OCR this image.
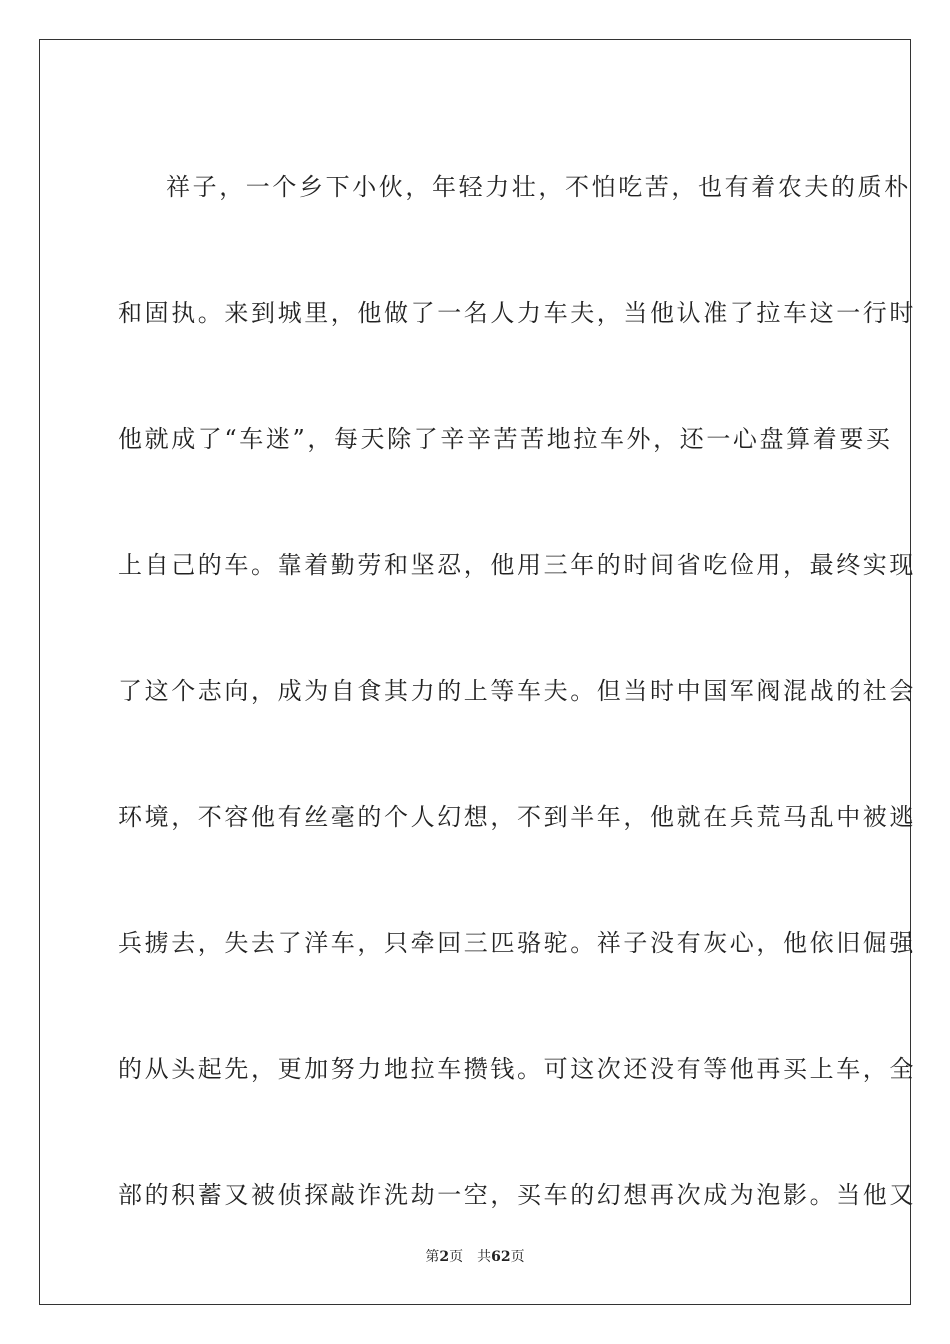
祥子，一个乡下小伙，年轻力壮，不怕吃苦，也有着农夫的质朴
和固执。来到城里，他做了一名人力车夫，当他认准了拉车这一行时
他就成了“车迷”，每天除了辛辛苦苦地拉车外，还一心盘算着要买
上自己的车。靠着勤劳和坚忍，他用三年的时间省吃俭用，最终实现
了这个志向，成为自食其力的上等车夫。但当时中国军阀混战的社会
环境，不容他有丝毫的个人幻想，不到半年，他就在兵荒马乱中被逃
兵掳去，失去了洋车，只牵回三匹骆驼。祥子没有灰心，他依旧倔强
的从头起先，更加努力地拉车攒钱。可这次还没有等他再买上车，全
部的积蓄又被侦探敲诈洗劫一空，买车的幻想再次成为泡影。当他又
第2页 共62页
